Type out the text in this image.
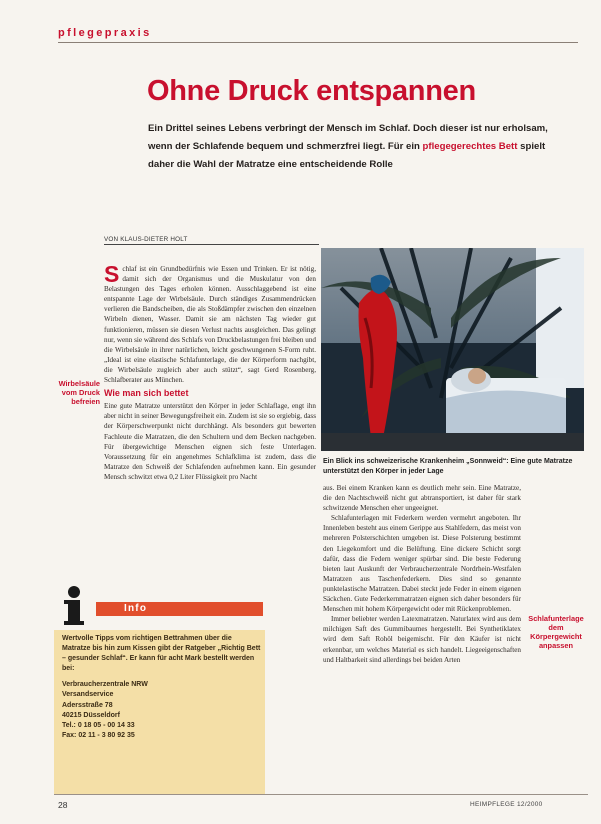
pflegepraxis
Ohne Druck entspannen
Ein Drittel seines Lebens verbringt der Mensch im Schlaf. Doch dieser ist nur erholsam, wenn der Schlafende bequem und schmerzfrei liegt. Für ein pflegegerechtes Bett spielt daher die Wahl der Matratze eine entscheidende Rolle
VON KLAUS-DIETER HOLT

Schlaf ist ein Grundbedürfnis wie Essen und Trinken. Er ist nötig, damit sich der Organismus und die Muskulatur von den Belastungen des Tages erholen können. Ausschlaggebend ist eine entspannte Lage der Wirbelsäule. Durch ständiges Zusammendrücken verlieren die Bandscheiben, die als Stoßdämpfer zwischen den einzelnen Wirbeln dienen, Wasser. Damit sie am nächsten Tag wieder gut funktionieren, müssen sie diesen Verlust nachts ausgleichen. Das gelingt nur, wenn sie während des Schlafs von Druckbelastungen frei bleiben und die Wirbelsäule in ihrer natürlichen, leicht geschwungenen S-Form ruht. „Ideal ist eine elastische Schlafunterlage, die der Körperform nachgibt, die Wirbelsäule zugleich aber auch stützt“, sagt Gerd Rosenberg, Schlafberater aus München.

Wie man sich bettet

Eine gute Matratze unterstützt den Körper in jeder Schlaflage, engt ihn aber nicht in seiner Bewegungsfreiheit ein. Zudem ist sie so ergiebig, dass der Körperschwerpunkt nicht durchhängt. Als besonders gut bewerten Fachleute die Matratzen, die den Schultern und dem Becken nachgeben. Für übergewichtige Menschen eignen sich feste Unterlagen. Voraussetzung für ein angenehmes Schlafklima ist zudem, dass die Matratze den Schweiß der Schlafenden aufnehmen kann. Ein gesunder Mensch schwitzt etwa 0,2 Liter Flüssigkeit pro Nacht

Wirbelsäule vom Druck befreien
Ein Blick ins schweizerische Krankenheim „Sonnweid“: Eine gute Matratze unterstützt den Körper in jeder Lage

aus. Bei einem Kranken kann es deutlich mehr sein. Eine Matratze, die den Nachtschweiß nicht gut abtransportiert, ist daher für stark schwitzende Menschen eher ungeeignet.

Schlafunterlagen mit Federkern werden vermehrt angeboten. Ihr Innenleben besteht aus einem Gerippe aus Stahlfedern, das meist von mehreren Polsterschichten umgeben ist. Diese Polsterung bestimmt den Liegekomfort und die Belüftung. Eine dickere Schicht sorgt dafür, dass die Federn weniger spürbar sind. Die beste Federung bieten laut Auskunft der Verbraucherzentrale Nordrhein-Westfalen Matratzen aus Taschenfederkern. Dies sind so genannte punktelastische Matratzen. Dabei steckt jede Feder in einem eigenen Säckchen. Gute Federkernmatratzen eignen sich daher besonders für Menschen mit hohem Körpergewicht oder mit Rückenproblemen.

Immer beliebter werden Latexmatratzen. Naturlatex wird aus dem milchigen Saft des Gummibaumes hergestellt. Bei Synthetiklatex wird dem Saft Rohöl beigemischt. Für den Käufer ist nicht erkennbar, um welches Material es sich handelt. Liegeeigenschaften und Haltbarkeit sind allerdings bei beiden Arten

Schlafunterlage dem Körpergewicht anpassen
Info
Wertvolle Tipps vom richtigen Bettrahmen über die Matratze bis hin zum Kissen gibt der Ratgeber „Richtig Bett – gesunder Schlaf“. Er kann für acht Mark bestellt werden bei:
Verbraucherzentrale NRW
Versandservice
Adersstraße 78
40215 Düsseldorf
Tel.: 0 18 05 - 00 14 33
Fax: 02 11 - 3 80 92 35
28	HEIMPFLEGE 12/2000
